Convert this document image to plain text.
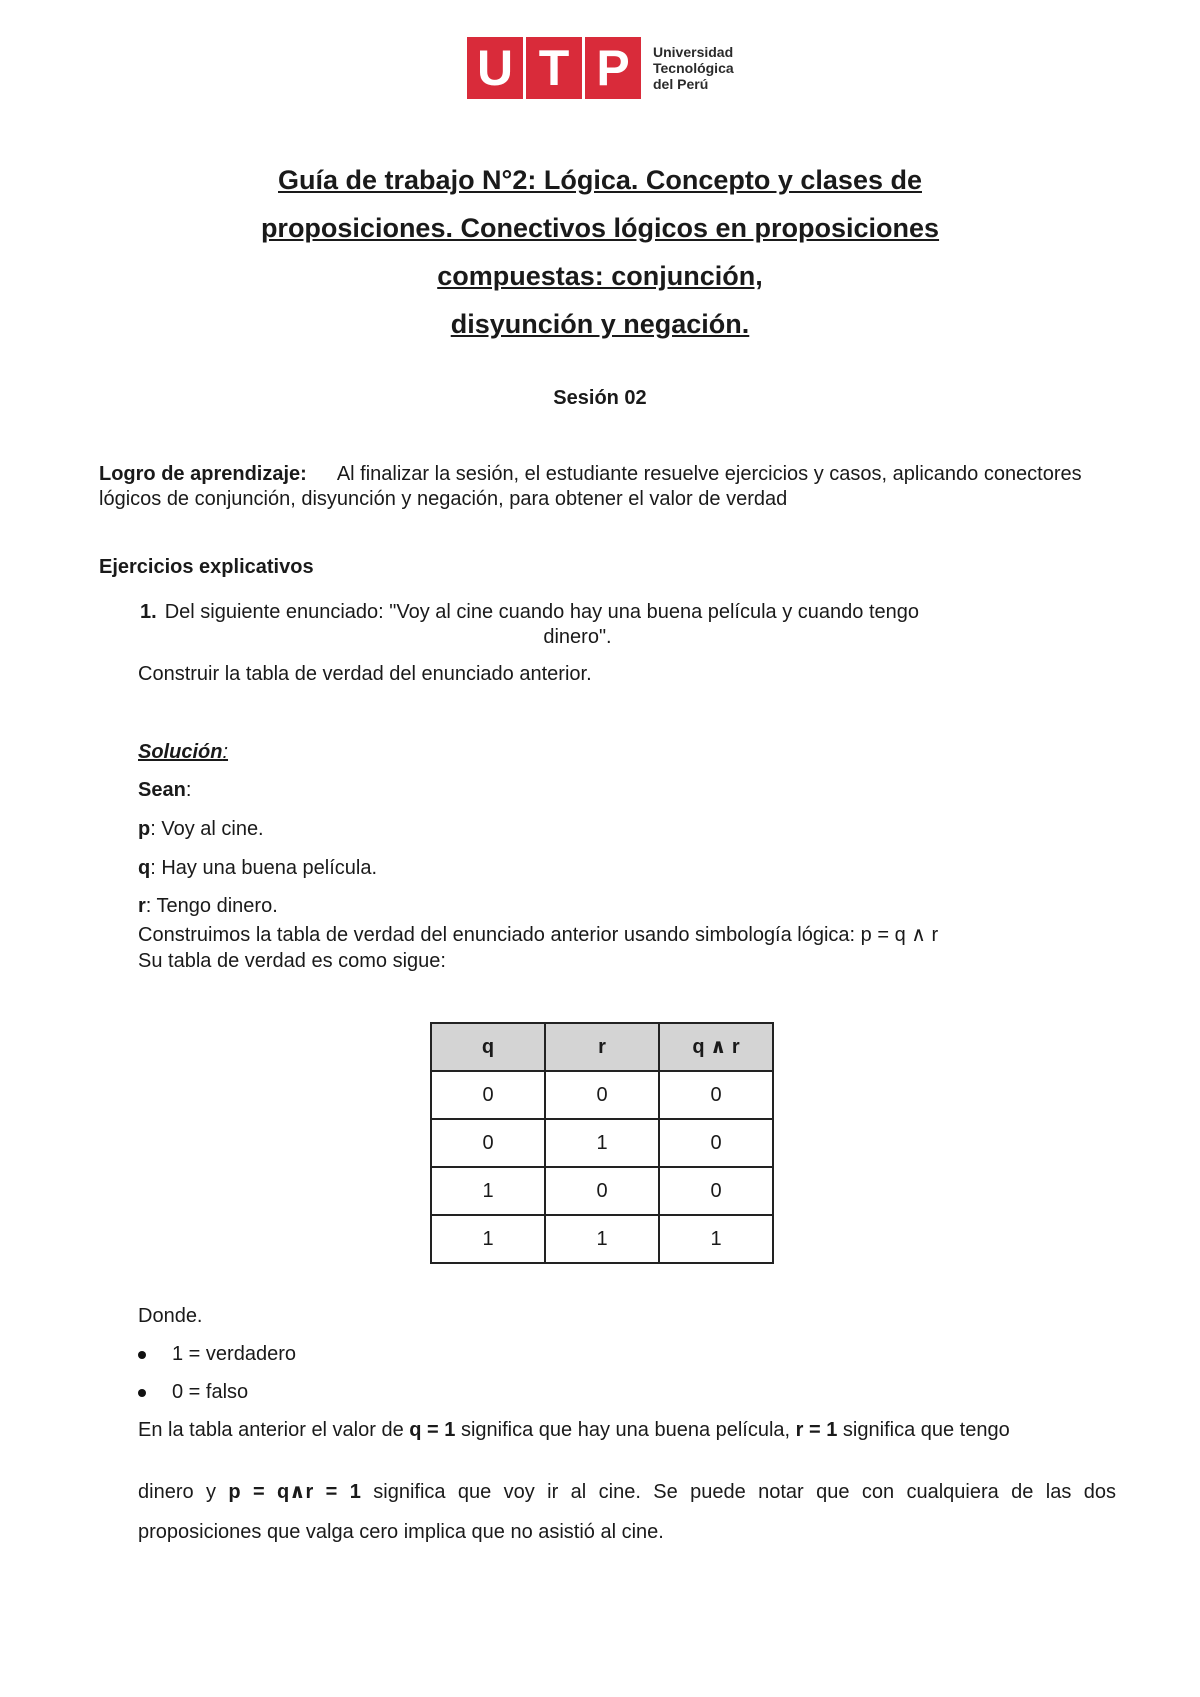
U T P	Universidad
Tecnológica
del Perú
Guía de trabajo N°2: Lógica. Concepto y clases de
proposiciones. Conectivos lógicos en proposiciones
compuestas: conjunción,
disyunción y negación.
Sesión 02
Logro de aprendizaje: Al finalizar la sesión, el estudiante resuelve ejercicios y casos, aplicando conectores lógicos de conjunción, disyunción y negación, para obtener el valor de verdad
Ejercicios explicativos
1. Del siguiente enunciado: "Voy al cine cuando hay una buena película y cuando tengo
dinero".
Construir la tabla de verdad del enunciado anterior.
Solución:
Sean:
p: Voy al cine.
q: Hay una buena película.
r: Tengo dinero.
Construimos la tabla de verdad del enunciado anterior usando simbología lógica: p = q ∧ r
Su tabla de verdad es como sigue:
q	r	q ∧ r
0	0	0
0	1	0
1	0	0
1	1	1
Donde.
1 = verdadero
0 = falso
En la tabla anterior el valor de q = 1 significa que hay una buena película, r = 1 significa que tengo
dinero y p = q∧r = 1 significa que voy ir al cine. Se puede notar que con cualquiera de las dos
proposiciones que valga cero implica que no asistió al cine.
